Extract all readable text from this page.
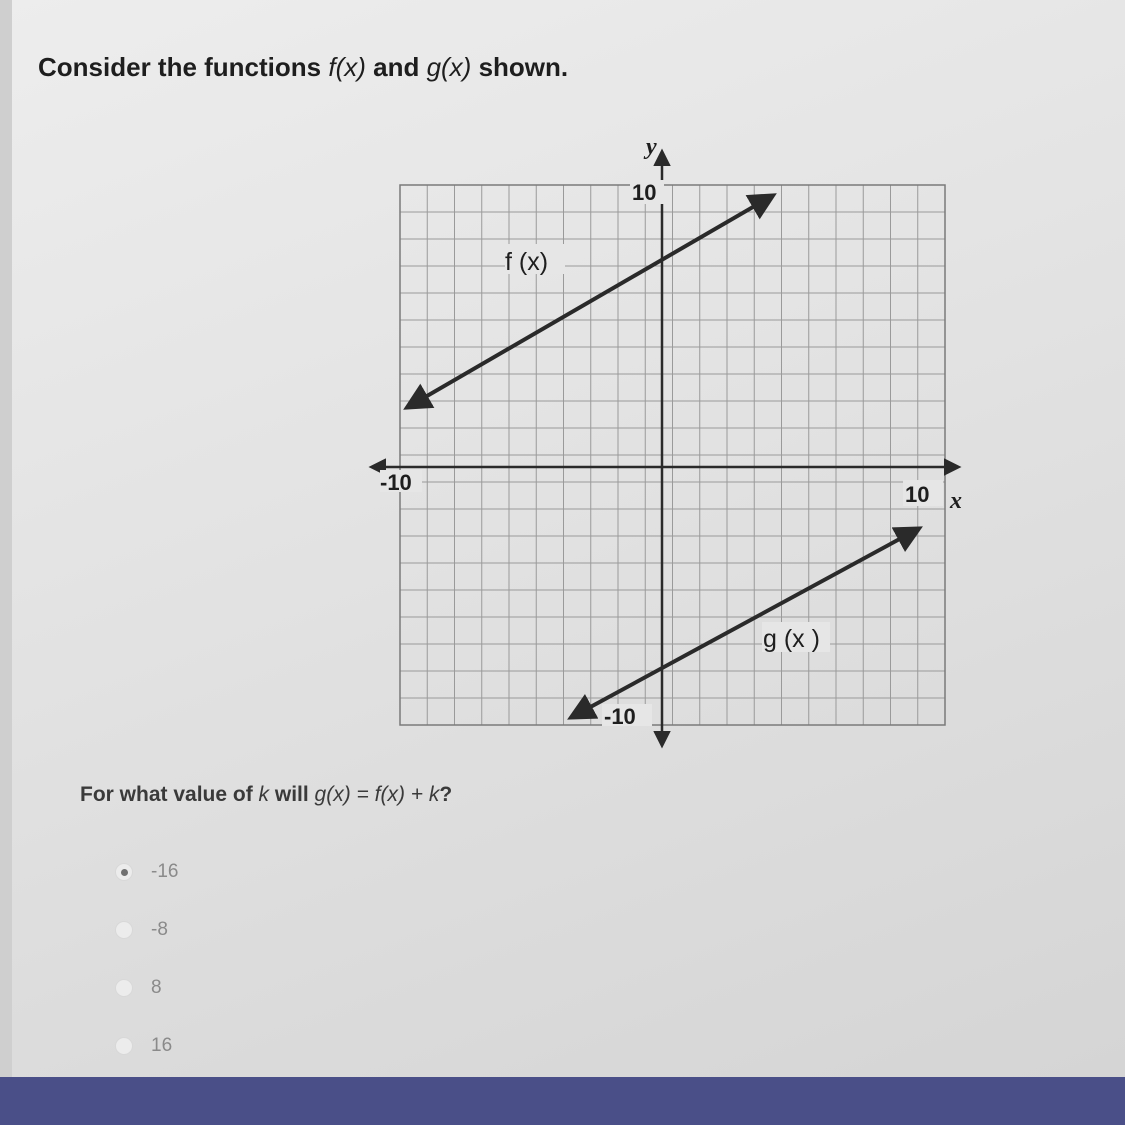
Consider the functions f(x) and g(x) shown.
10
y
-10	10 x
-10
f (x)
g (x )
For what value of k will g(x) = f(x) + k?
-16
-8
8
16
